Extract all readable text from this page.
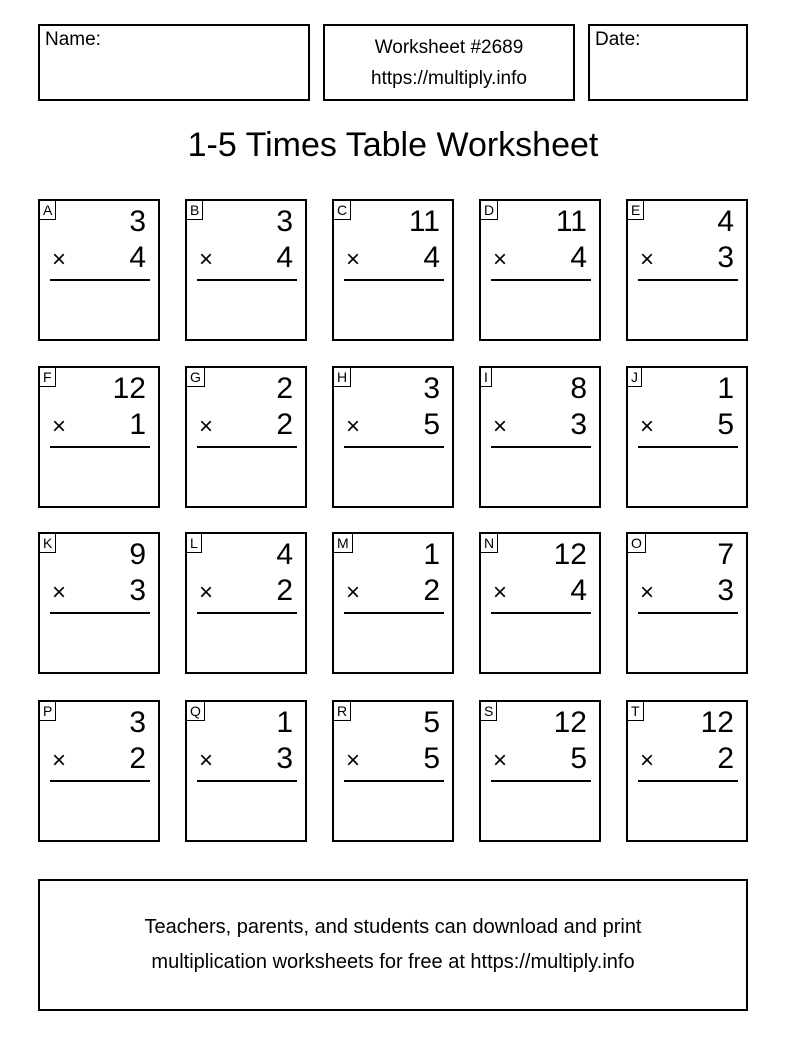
Name:	Worksheet #2689
https://multiply.info
Date:
1-5 Times Table Worksheet
A	3
× 4
B	3
× 4
C 11
× 4
D 11
× 4
E	4
× 3
F 12
× 1
G	2
× 2
H	3
× 5
I	8
× 3
J	1
× 5
K	9
× 3
L	4
× 2
M 1
× 2
N 12
× 4
O	7
× 3
P	3
× 2
Q	1
× 3
R	5
× 5
S 12
× 5
T 12
× 2
Teachers, parents, and students can download and print
multiplication worksheets for free at https://multiply.info
